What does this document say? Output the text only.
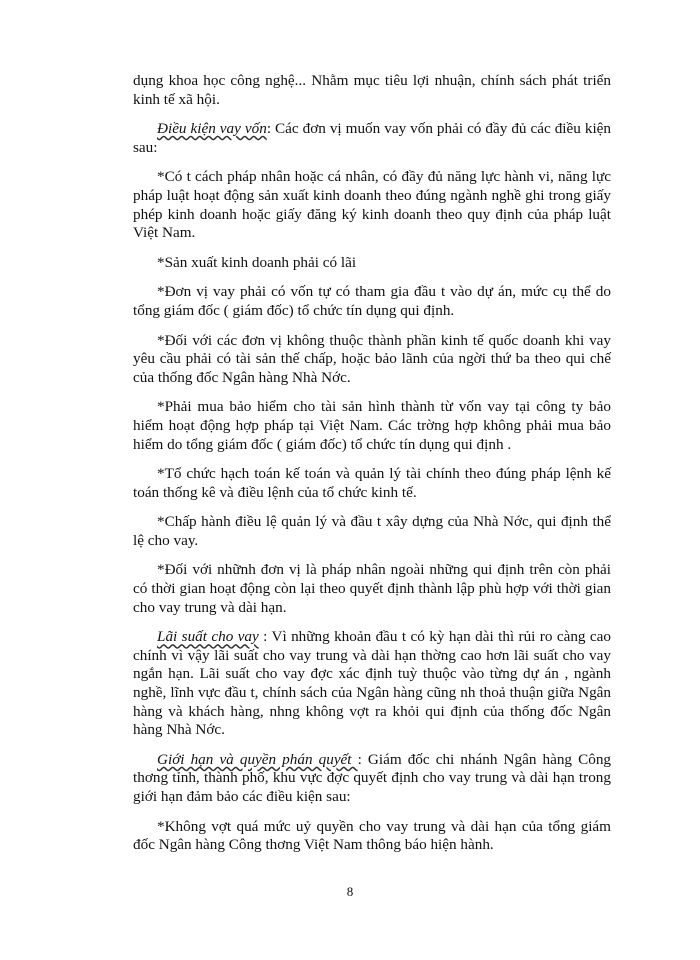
dụng khoa học công nghệ... Nhằm mục tiêu lợi nhuận, chính sách phát triển kinh tế xã hội.

Điều kiện vay vốn: Các đơn vị muốn vay vốn phải có đầy đủ các điều kiện sau:

*Có t cách pháp nhân hoặc cá nhân, có đầy đủ năng lực hành vi, năng lực pháp luật hoạt động sản xuất kinh doanh theo đúng ngành nghề ghi trong giấy phép kinh doanh hoặc giấy đăng ký kinh doanh theo quy định của pháp luật Việt Nam.

*Sản xuất kinh doanh phải có lãi

*Đơn vị vay phải có vốn tự có tham gia đầu t vào dự án, mức cụ thể do tổng giám đốc ( giám đốc) tổ chức tín dụng qui định.

*Đối với các đơn vị không thuộc thành phần kinh tế quốc doanh khi vay yêu cầu phải có tài sản thế chấp, hoặc bảo lãnh của ngời thứ ba theo qui chế của thống đốc Ngân hàng Nhà Nớc.

*Phải mua bảo hiểm cho tài sản hình thành từ vốn vay tại công ty bảo hiểm hoạt động hợp pháp tại Việt Nam. Các trờng hợp không phải mua bảo hiểm do tổng giám đốc ( giám đốc) tổ chức tín dụng qui định .

*Tổ chức hạch toán kế toán và quản lý tài chính theo đúng pháp lệnh kế toán thống kê và điều lệnh của tổ chức kinh tế.

*Chấp hành điều lệ quản lý và đầu t xây dựng của Nhà Nớc, qui định thể lệ cho vay.

*Đối với nhữnh đơn vị là pháp nhân ngoài những qui định trên còn phải có thời gian hoạt động còn lại theo quyết định thành lập phù hợp với thời gian cho vay trung và dài hạn.

Lãi suất cho vay : Vì những khoản đầu t có kỳ hạn dài thì rủi ro càng cao chính vì vậy lãi suất cho vay trung và dài hạn thờng cao hơn lãi suất cho vay ngắn hạn. Lãi suất cho vay đợc xác định tuỳ thuộc vào từng dự án , ngành nghề, lĩnh vực đầu t, chính sách của Ngân hàng cũng nh thoả thuận giữa Ngân hàng và khách hàng, nhng không vợt ra khỏi qui định của thống đốc Ngân hàng Nhà Nớc.

Giới hạn và quyền phán quyết : Giám đốc chi nhánh Ngân hàng Công thơng tỉnh, thành phố, khu vực đợc quyết định cho vay trung và dài hạn trong giới hạn đảm bảo các điều kiện sau:

*Không vợt quá mức uỷ quyền cho vay trung và dài hạn của tổng giám đốc Ngân hàng Công thơng Việt Nam thông báo hiện hành.

8
